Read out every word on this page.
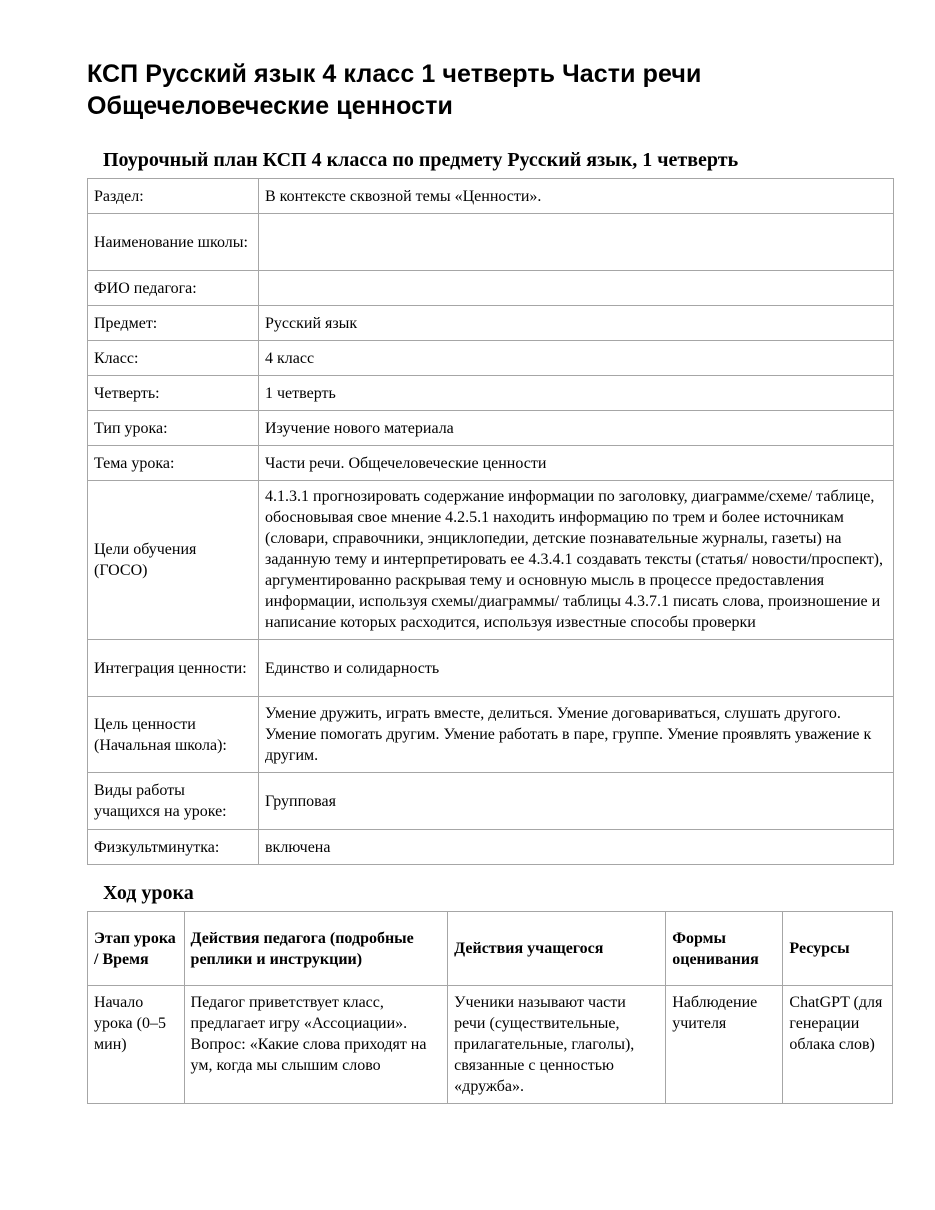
КСП Русский язык 4 класс 1 четверть Части речи Общечеловеческие ценности
Поурочный план КСП 4 класса по предмету Русский язык, 1 четверть
Раздел:	В контексте сквозной темы «Ценности».
Наименование школы:	
ФИО педагога:	
Предмет:	Русский язык
Класс:	4 класс
Четверть:	1 четверть
Тип урока:	Изучение нового материала
Тема урока:	Части речи. Общечеловеческие ценности
Цели обучения (ГОСО)	4.1.3.1 прогнозировать содержание информации по заголовку, диаграмме/схеме/ таблице, обосновывая свое мнение 4.2.5.1 находить информацию по трем и более источникам (словари, справочники, энциклопедии, детские познавательные журналы, газеты) на заданную тему и интерпретировать ее 4.3.4.1 создавать тексты (статья/ новости/проспект), аргументированно раскрывая тему и основную мысль в процессе предоставления информации, используя схемы/диаграммы/ таблицы 4.3.7.1 писать слова, произношение и написание которых расходится, используя известные способы проверки
Интеграция ценности:	Единство и солидарность
Цель ценности (Начальная школа):	Умение дружить, играть вместе, делиться. Умение договариваться, слушать другого. Умение помогать другим. Умение работать в паре, группе. Умение проявлять уважение к другим.
Виды работы учащихся на уроке:	Групповая
Физкультминутка:	включена
Ход урока
Этап урока / Время	Действия педагога (подробные реплики и инструкции)	Действия учащегося	Формы оценивания	Ресурсы
Начало урока (0–5 мин)	Педагог приветствует класс, предлагает игру «Ассоциации». Вопрос: «Какие слова приходят на ум, когда мы слышим слово	Ученики называют части речи (существительные, прилагательные, глаголы), связанные с ценностью «дружба».	Наблюдение учителя	ChatGPT (для генерации облака слов)
